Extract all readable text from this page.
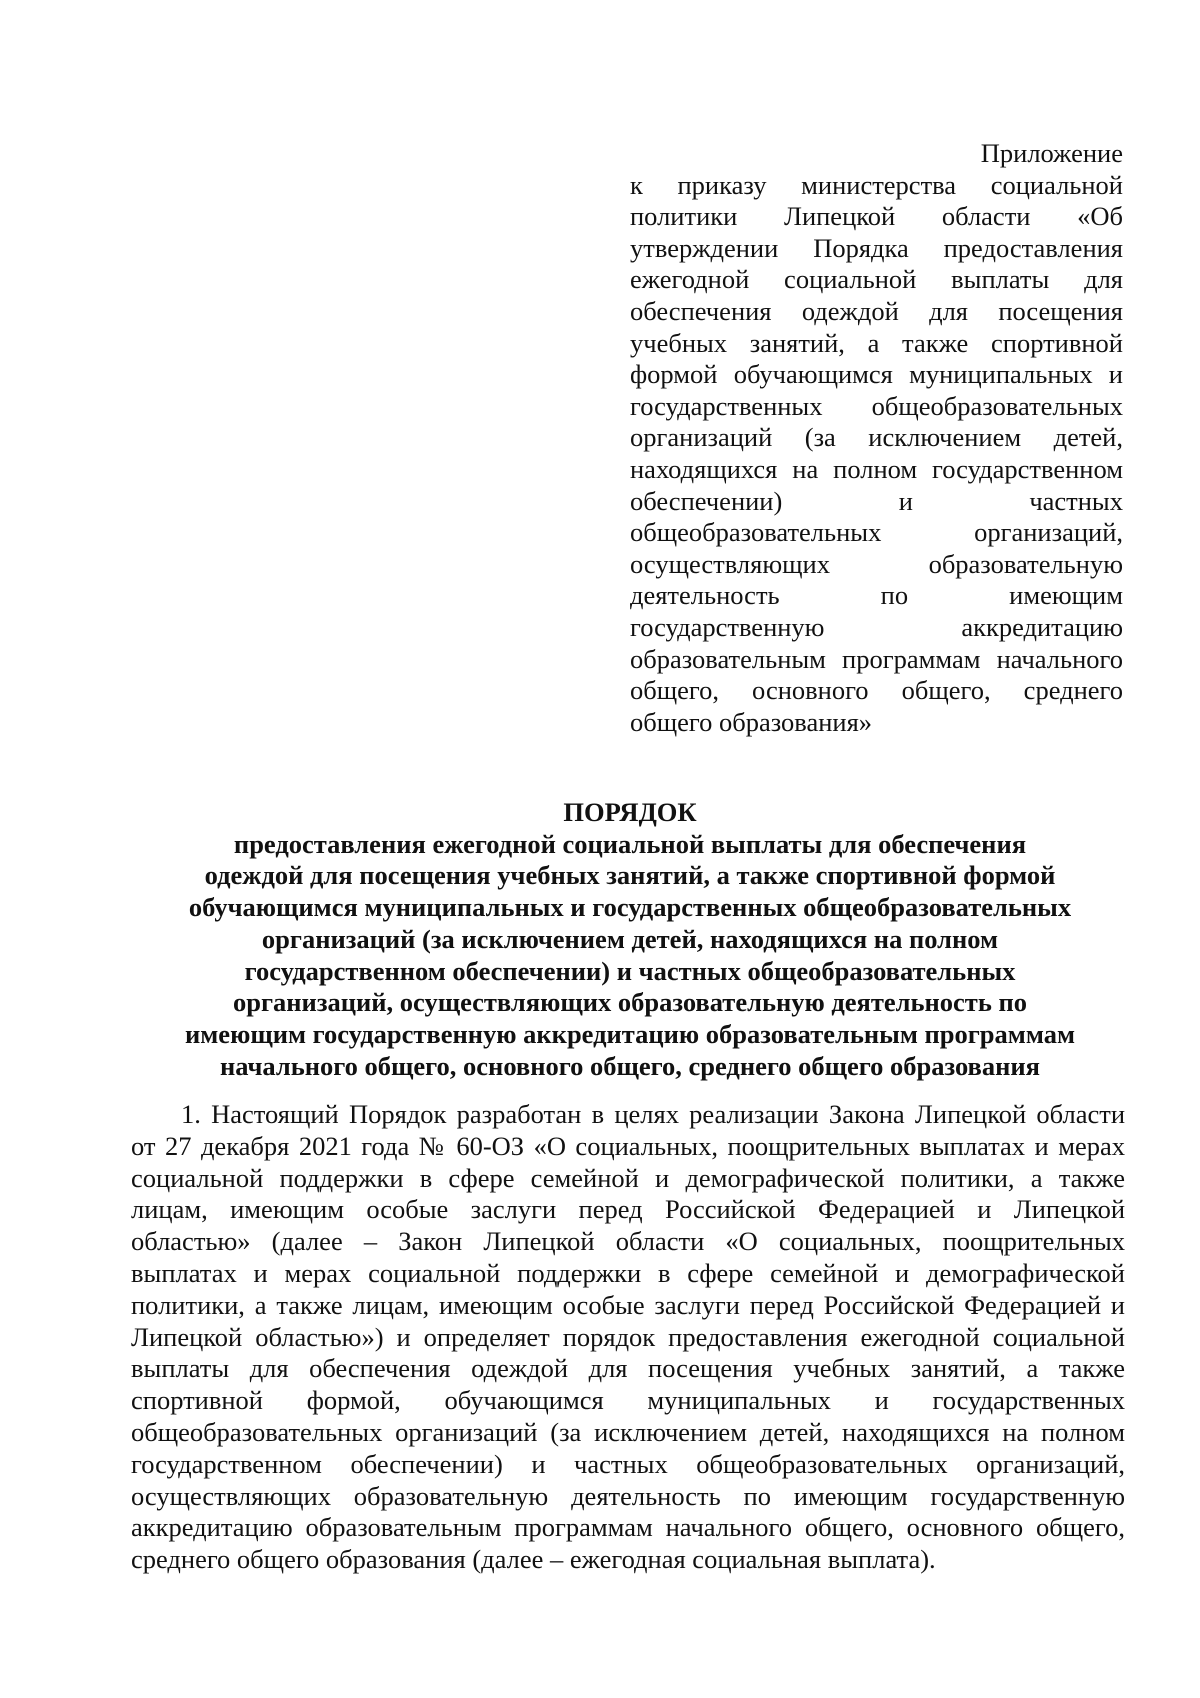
Приложение
к приказу министерства социальной
политики Липецкой области «Об
утверждении Порядка предоставления
ежегодной социальной выплаты для
обеспечения одеждой для посещения
учебных занятий, а также спортивной
формой обучающимся муниципальных и
государственных общеобразовательных
организаций (за исключением детей,
находящихся на полном государственном
обеспечении) и частных
общеобразовательных организаций,
осуществляющих образовательную
деятельность по имеющим
государственную аккредитацию
образовательным программам начального
общего, основного общего, среднего
общего образования»
ПОРЯДОК
предоставления ежегодной социальной выплаты для обеспечения
одеждой для посещения учебных занятий, а также спортивной формой
обучающимся муниципальных и государственных общеобразовательных
организаций (за исключением детей, находящихся на полном
государственном обеспечении) и частных общеобразовательных
организаций, осуществляющих образовательную деятельность по
имеющим государственную аккредитацию образовательным программам
начального общего, основного общего, среднего общего образования
1. Настоящий Порядок разработан в целях реализации Закона Липецкой области
от 27 декабря 2021 года № 60-ОЗ «О социальных, поощрительных выплатах и мерах
социальной поддержки в сфере семейной и демографической политики, а также
лицам, имеющим особые заслуги перед Российской Федерацией и Липецкой
областью» (далее – Закон Липецкой области «О социальных, поощрительных
выплатах и мерах социальной поддержки в сфере семейной и демографической
политики, а также лицам, имеющим особые заслуги перед Российской Федерацией и
Липецкой областью») и определяет порядок предоставления ежегодной социальной
выплаты для обеспечения одеждой для посещения учебных занятий, а также
спортивной формой, обучающимся муниципальных и государственных
общеобразовательных организаций (за исключением детей, находящихся на полном
государственном обеспечении) и частных общеобразовательных организаций,
осуществляющих образовательную деятельность по имеющим государственную
аккредитацию образовательным программам начального общего, основного общего,
среднего общего образования (далее – ежегодная социальная выплата).
